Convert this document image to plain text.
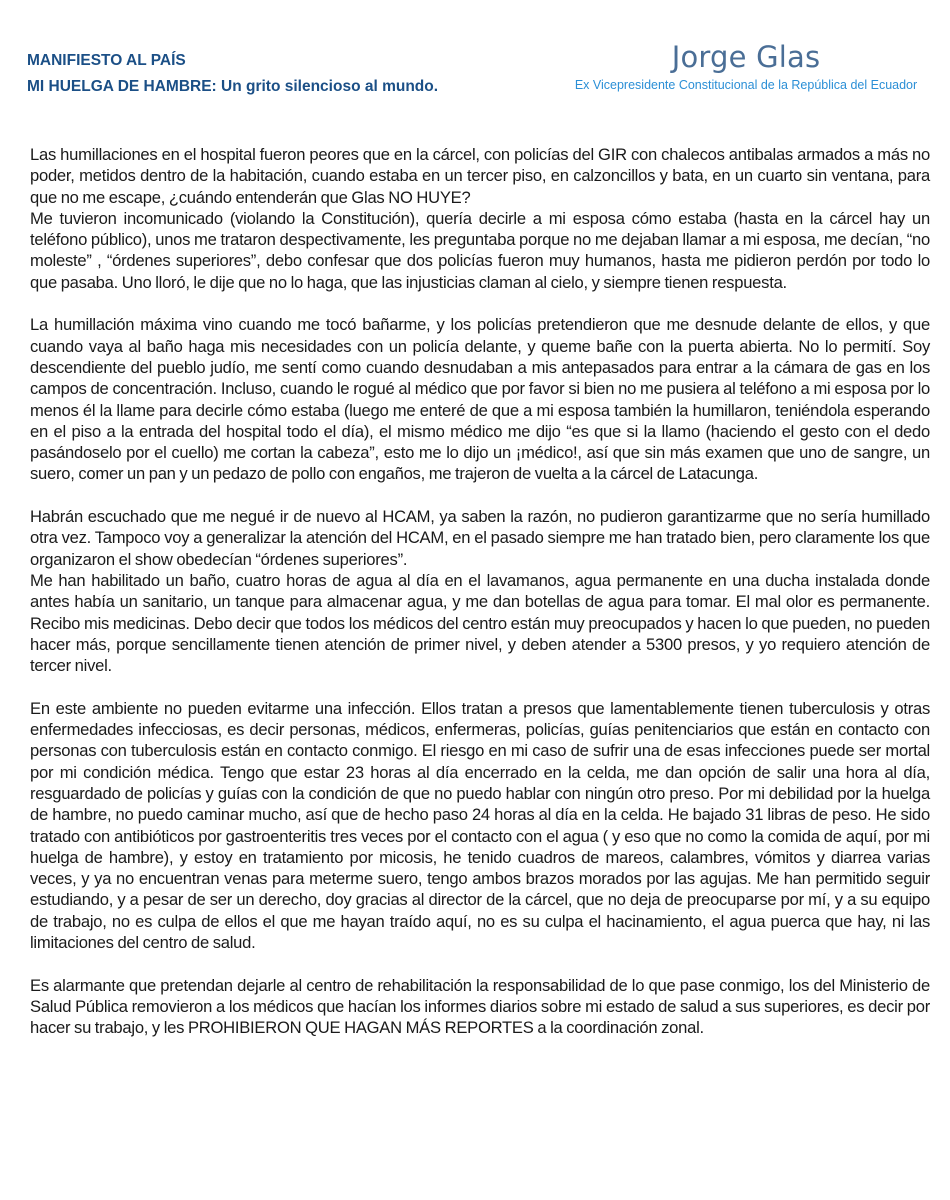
MANIFIESTO AL PAÍS
MI HUELGA DE HAMBRE: Un grito silencioso al mundo.
Jorge Glas
Ex Vicepresidente Constitucional de la República del Ecuador

Las humillaciones en el hospital fueron peores que en la cárcel, con policías del GIR con chalecos antibalas armados a más no poder, metidos dentro de la habitación, cuando estaba en un tercer piso, en calzoncillos y bata, en un cuarto sin ventana, para que no me escape, ¿cuándo entenderán que Glas NO HUYE?

Me tuvieron incomunicado (violando la Constitución), quería decirle a mi esposa cómo estaba (hasta en la cárcel hay un teléfono público), unos me trataron despectivamente, les preguntaba porque no me dejaban llamar a mi esposa, me decían, “no moleste” , “órdenes superiores”, debo confesar que dos policías fueron muy humanos, hasta me pidieron perdón por todo lo que pasaba. Uno lloró, le dije que no lo haga, que las injusticias claman al cielo, y siempre tienen respuesta.

La humillación máxima vino cuando me tocó bañarme, y los policías pretendieron que me desnude delante de ellos, y que cuando vaya al baño haga mis necesidades con un policía delante, y queme bañe con la puerta abierta. No lo permití. Soy descendiente del pueblo judío, me sentí como cuando desnudaban a mis antepasados para entrar a la cámara de gas en los campos de concentración. Incluso, cuando le rogué al médico que por favor si bien no me pusiera al teléfono a mi esposa por lo menos él la llame para decirle cómo estaba (luego me enteré de que a mi esposa también la humillaron, teniéndola esperando en el piso a la entrada del hospital todo el día), el mismo médico me dijo “es que si la llamo (haciendo el gesto con el dedo pasándoselo por el cuello) me cortan la cabeza”, esto me lo dijo un ¡médico!, así que sin más examen que uno de sangre, un suero, comer un pan y un pedazo de pollo con engaños, me trajeron de vuelta a la cárcel de Latacunga.

Habrán escuchado que me negué ir de nuevo al HCAM, ya saben la razón, no pudieron garantizarme que no sería humillado otra vez. Tampoco voy a generalizar la atención del HCAM, en el pasado siempre me han tratado bien, pero claramente los que organizaron el show obedecían “órdenes superiores”.

Me han habilitado un baño, cuatro horas de agua al día en el lavamanos, agua permanente en una ducha instalada donde antes había un sanitario, un tanque para almacenar agua, y me dan botellas de agua para tomar. El mal olor es permanente. Recibo mis medicinas. Debo decir que todos los médicos del centro están muy preocupados y hacen lo que pueden, no pueden hacer más, porque sencillamente tienen atención de primer nivel, y deben atender a 5300 presos, y yo requiero atención de tercer nivel.

En este ambiente no pueden evitarme una infección. Ellos tratan a presos que lamentablemente tienen tuberculosis y otras enfermedades infecciosas, es decir personas, médicos, enfermeras, policías, guías penitenciarios que están en contacto con personas con tuberculosis están en contacto conmigo. El riesgo en mi caso de sufrir una de esas infecciones puede ser mortal por mi condición médica. Tengo que estar 23 horas al día encerrado en la celda, me dan opción de salir una hora al día, resguardado de policías y guías con la condición de que no puedo hablar con ningún otro preso. Por mi debilidad por la huelga de hambre, no puedo caminar mucho, así que de hecho paso 24 horas al día en la celda. He bajado 31 libras de peso. He sido tratado con antibióticos por gastroenteritis tres veces por el contacto con el agua ( y eso que no como la comida de aquí, por mi huelga de hambre), y estoy en tratamiento por micosis, he tenido cuadros de mareos, calambres, vómitos y diarrea varias veces, y ya no encuentran venas para meterme suero, tengo ambos brazos morados por las agujas. Me han permitido seguir estudiando, y a pesar de ser un derecho, doy gracias al director de la cárcel, que no deja de preocuparse por mí, y a su equipo de trabajo, no es culpa de ellos el que me hayan traído aquí, no es su culpa el hacinamiento, el agua puerca que hay, ni las limitaciones del centro de salud.

Es alarmante que pretendan dejarle al centro de rehabilitación la responsabilidad de lo que pase conmigo, los del Ministerio de Salud Pública removieron a los médicos que hacían los informes diarios sobre mi estado de salud a sus superiores, es decir por hacer su trabajo, y les PROHIBIERON QUE HAGAN MÁS REPORTES a la coordinación zonal.
